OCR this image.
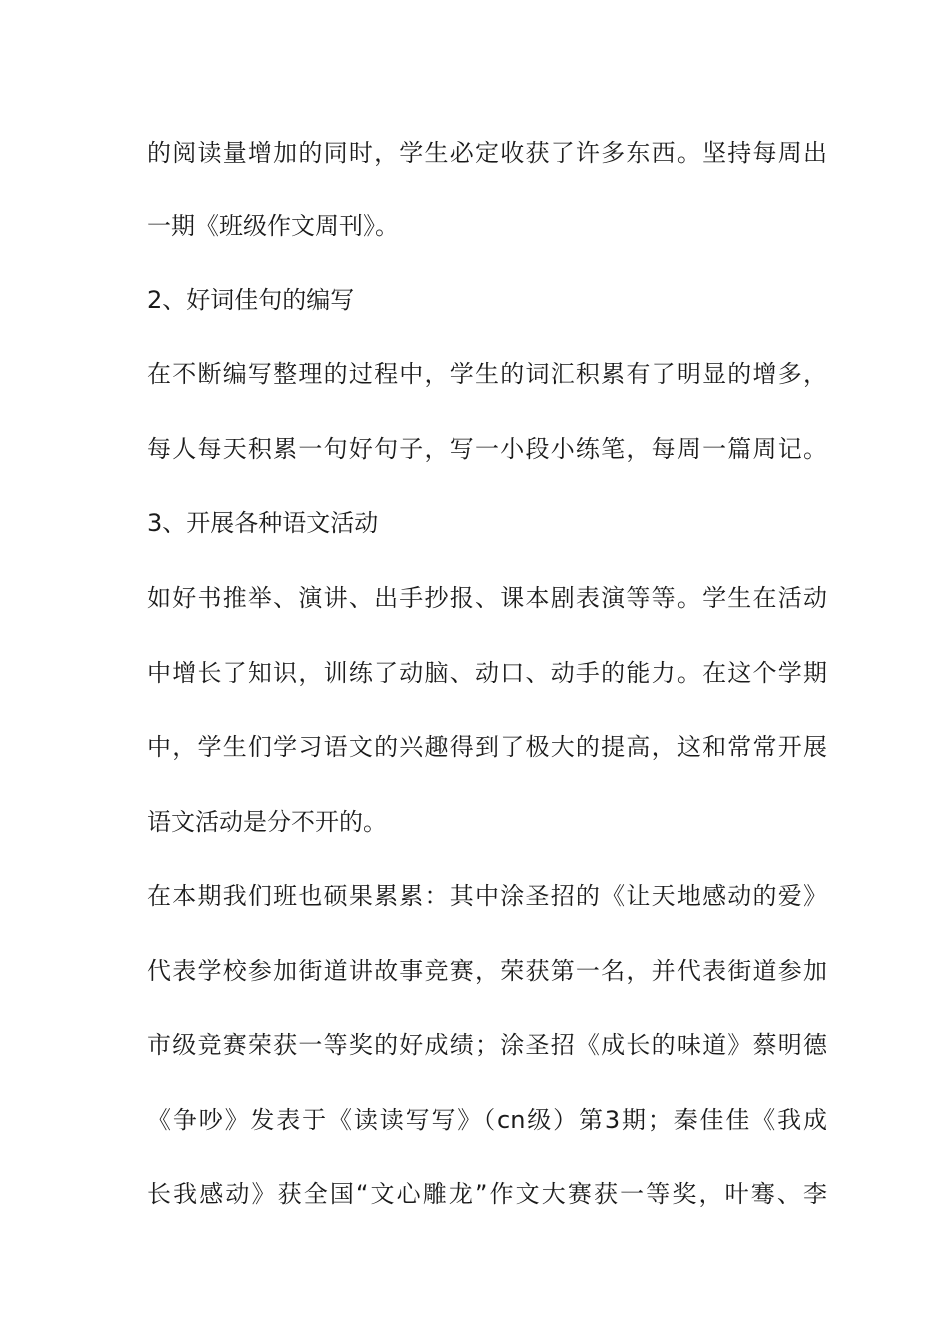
的阅读量增加的同时，学生必定收获了许多东西。坚持每周出
一期《班级作文周刊》。
2、好词佳句的编写
在不断编写整理的过程中，学生的词汇积累有了明显的增多，
每人每天积累一句好句子，写一小段小练笔，每周一篇周记。
3、开展各种语文活动
如好书推举、演讲、出手抄报、课本剧表演等等。学生在活动
中增长了知识，训练了动脑、动口、动手的能力。在这个学期
中，学生们学习语文的兴趣得到了极大的提高，这和常常开展
语文活动是分不开的。
在本期我们班也硕果累累：其中涂圣招的《让天地感动的爱》
代表学校参加街道讲故事竞赛，荣获第一名，并代表街道参加
市级竞赛荣获一等奖的好成绩；涂圣招《成长的味道》蔡明德
《争吵》发表于《读读写写》（cn级）第3期；秦佳佳《我成
长我感动》获全国“文心雕龙”作文大赛获一等奖，叶骞、李
